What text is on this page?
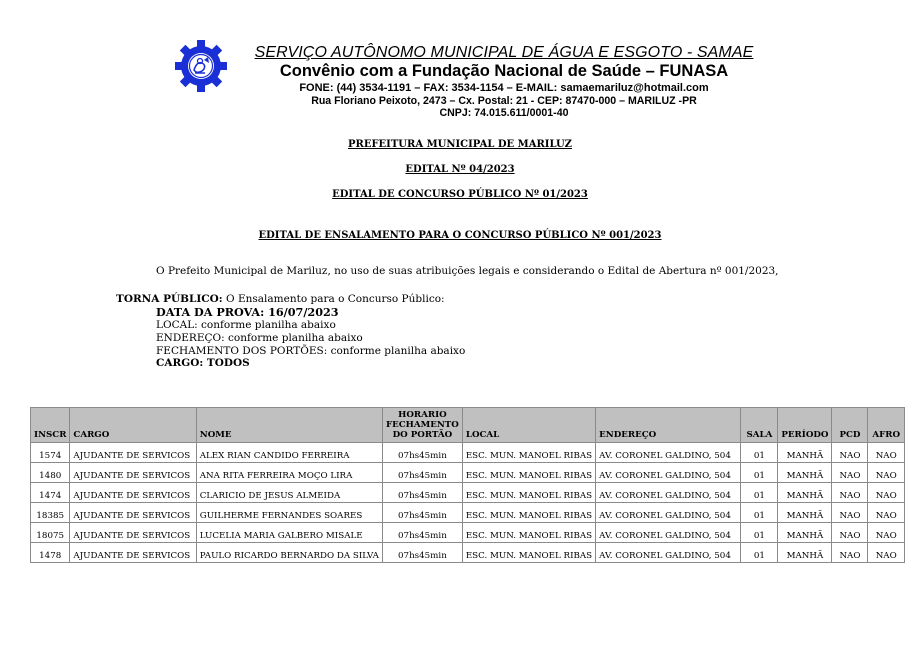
SERVIÇO AUTÔNOMO MUNICIPAL DE ÁGUA E ESGOTO - SAMAE
Convênio com a Fundação Nacional de Saúde – FUNASA
FONE: (44) 3534-1191 – FAX: 3534-1154 – E-MAIL: samaemariluz@hotmail.com
Rua Floriano Peixoto, 2473 – Cx. Postal: 21 - CEP: 87470-000 – MARILUZ -PR
CNPJ: 74.015.611/0001-40
PREFEITURA MUNICIPAL DE MARILUZ
EDITAL Nº 04/2023
EDITAL DE CONCURSO PÚBLICO Nº 01/2023
EDITAL DE ENSALAMENTO PARA O CONCURSO PÚBLICO Nº 001/2023
O Prefeito Municipal de Mariluz, no uso de suas atribuições legais e considerando o Edital de Abertura nº 001/2023,
TORNA PÚBLICO: O Ensalamento para o Concurso Público:
DATA DA PROVA: 16/07/2023
LOCAL: conforme planilha abaixo
ENDEREÇO: conforme planilha abaixo
FECHAMENTO DOS PORTÕES: conforme planilha abaixo
CARGO: TODOS
INSCR	CARGO	NOME	HORARIO
FECHAMENTO
DO PORTÃO	LOCAL	ENDEREÇO	SALA	PERÍODO	PCD	AFRO
1574	AJUDANTE DE SERVICOS	ALEX RIAN CANDIDO FERREIRA	07hs45min	ESC. MUN. MANOEL RIBAS	AV. CORONEL GALDINO, 504	01	MANHÃ	NAO	NAO
1480	AJUDANTE DE SERVICOS	ANA RITA FERREIRA MOÇO LIRA	07hs45min	ESC. MUN. MANOEL RIBAS	AV. CORONEL GALDINO, 504	01	MANHÃ	NAO	NAO
1474	AJUDANTE DE SERVICOS	CLARICIO DE JESUS ALMEIDA	07hs45min	ESC. MUN. MANOEL RIBAS	AV. CORONEL GALDINO, 504	01	MANHÃ	NAO	NAO
18385	AJUDANTE DE SERVICOS	GUILHERME FERNANDES SOARES	07hs45min	ESC. MUN. MANOEL RIBAS	AV. CORONEL GALDINO, 504	01	MANHÃ	NAO	NAO
18075	AJUDANTE DE SERVICOS	LUCELIA MARIA GALBERO MISALE	07hs45min	ESC. MUN. MANOEL RIBAS	AV. CORONEL GALDINO, 504	01	MANHÃ	NAO	NAO
1478	AJUDANTE DE SERVICOS	PAULO RICARDO BERNARDO DA SILVA	07hs45min	ESC. MUN. MANOEL RIBAS	AV. CORONEL GALDINO, 504	01	MANHÃ	NAO	NAO
